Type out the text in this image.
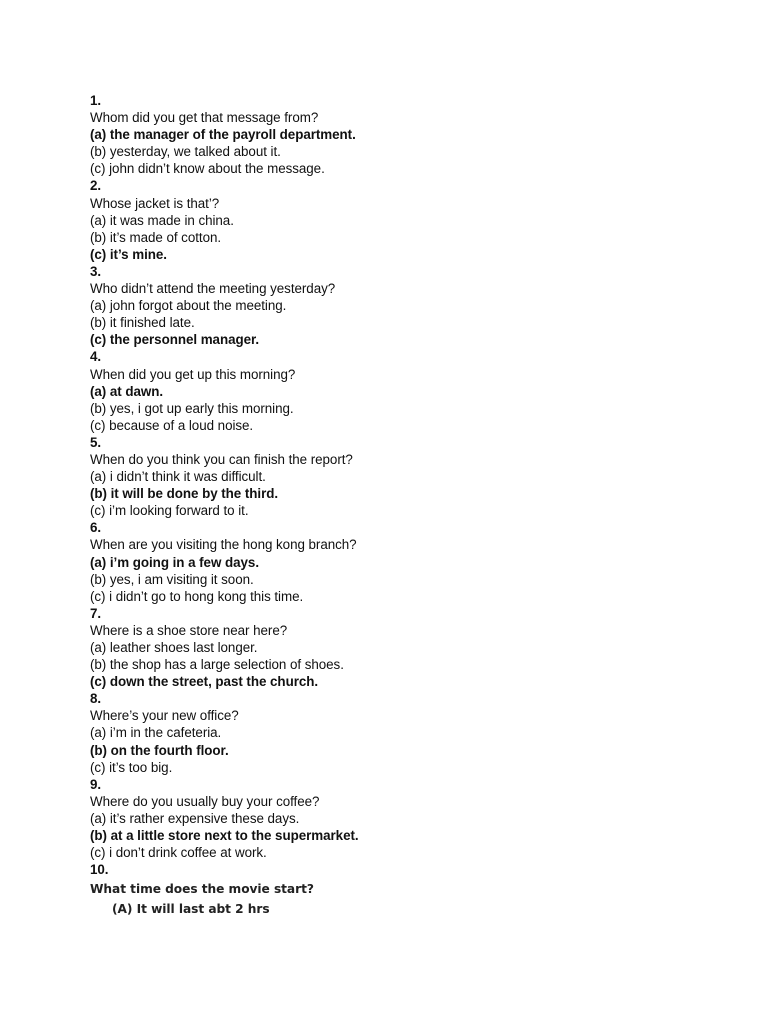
1.
Whom did you get that message from?
(a) the manager of the payroll department.
(b) yesterday, we talked about it.
(c) john didn’t know about the message.
2.
Whose jacket is that’?
(a) it was made in china.
(b) it’s made of cotton.
(c) it’s mine.
3.
Who didn’t attend the meeting yesterday?
(a) john forgot about the meeting.
(b) it finished late.
(c) the personnel manager.
4.
When did you get up this morning?
(a) at dawn.
(b) yes, i got up early this morning.
(c) because of a loud noise.
5.
When do you think you can finish the report?
(a) i didn’t think it was difficult.
(b) it will be done by the third.
(c) i’m looking forward to it.
6.
When are you visiting the hong kong branch?
(a) i’m going in a few days.
(b) yes, i am visiting it soon.
(c) i didn’t go to hong kong this time.
7.
Where is a shoe store near here?
(a) leather shoes last longer.
(b) the shop has a large selection of shoes.
(c) down the street, past the church.
8.
Where’s your new office?
(a) i’m in the cafeteria.
(b) on the fourth floor.
(c) it’s too big.
9.
Where do you usually buy your coffee?
(a) it’s rather expensive these days.
(b) at a little store next to the supermarket.
(c) i don’t drink coffee at work.
10.
What time does the movie start?
(A) It will last abt 2 hrs
